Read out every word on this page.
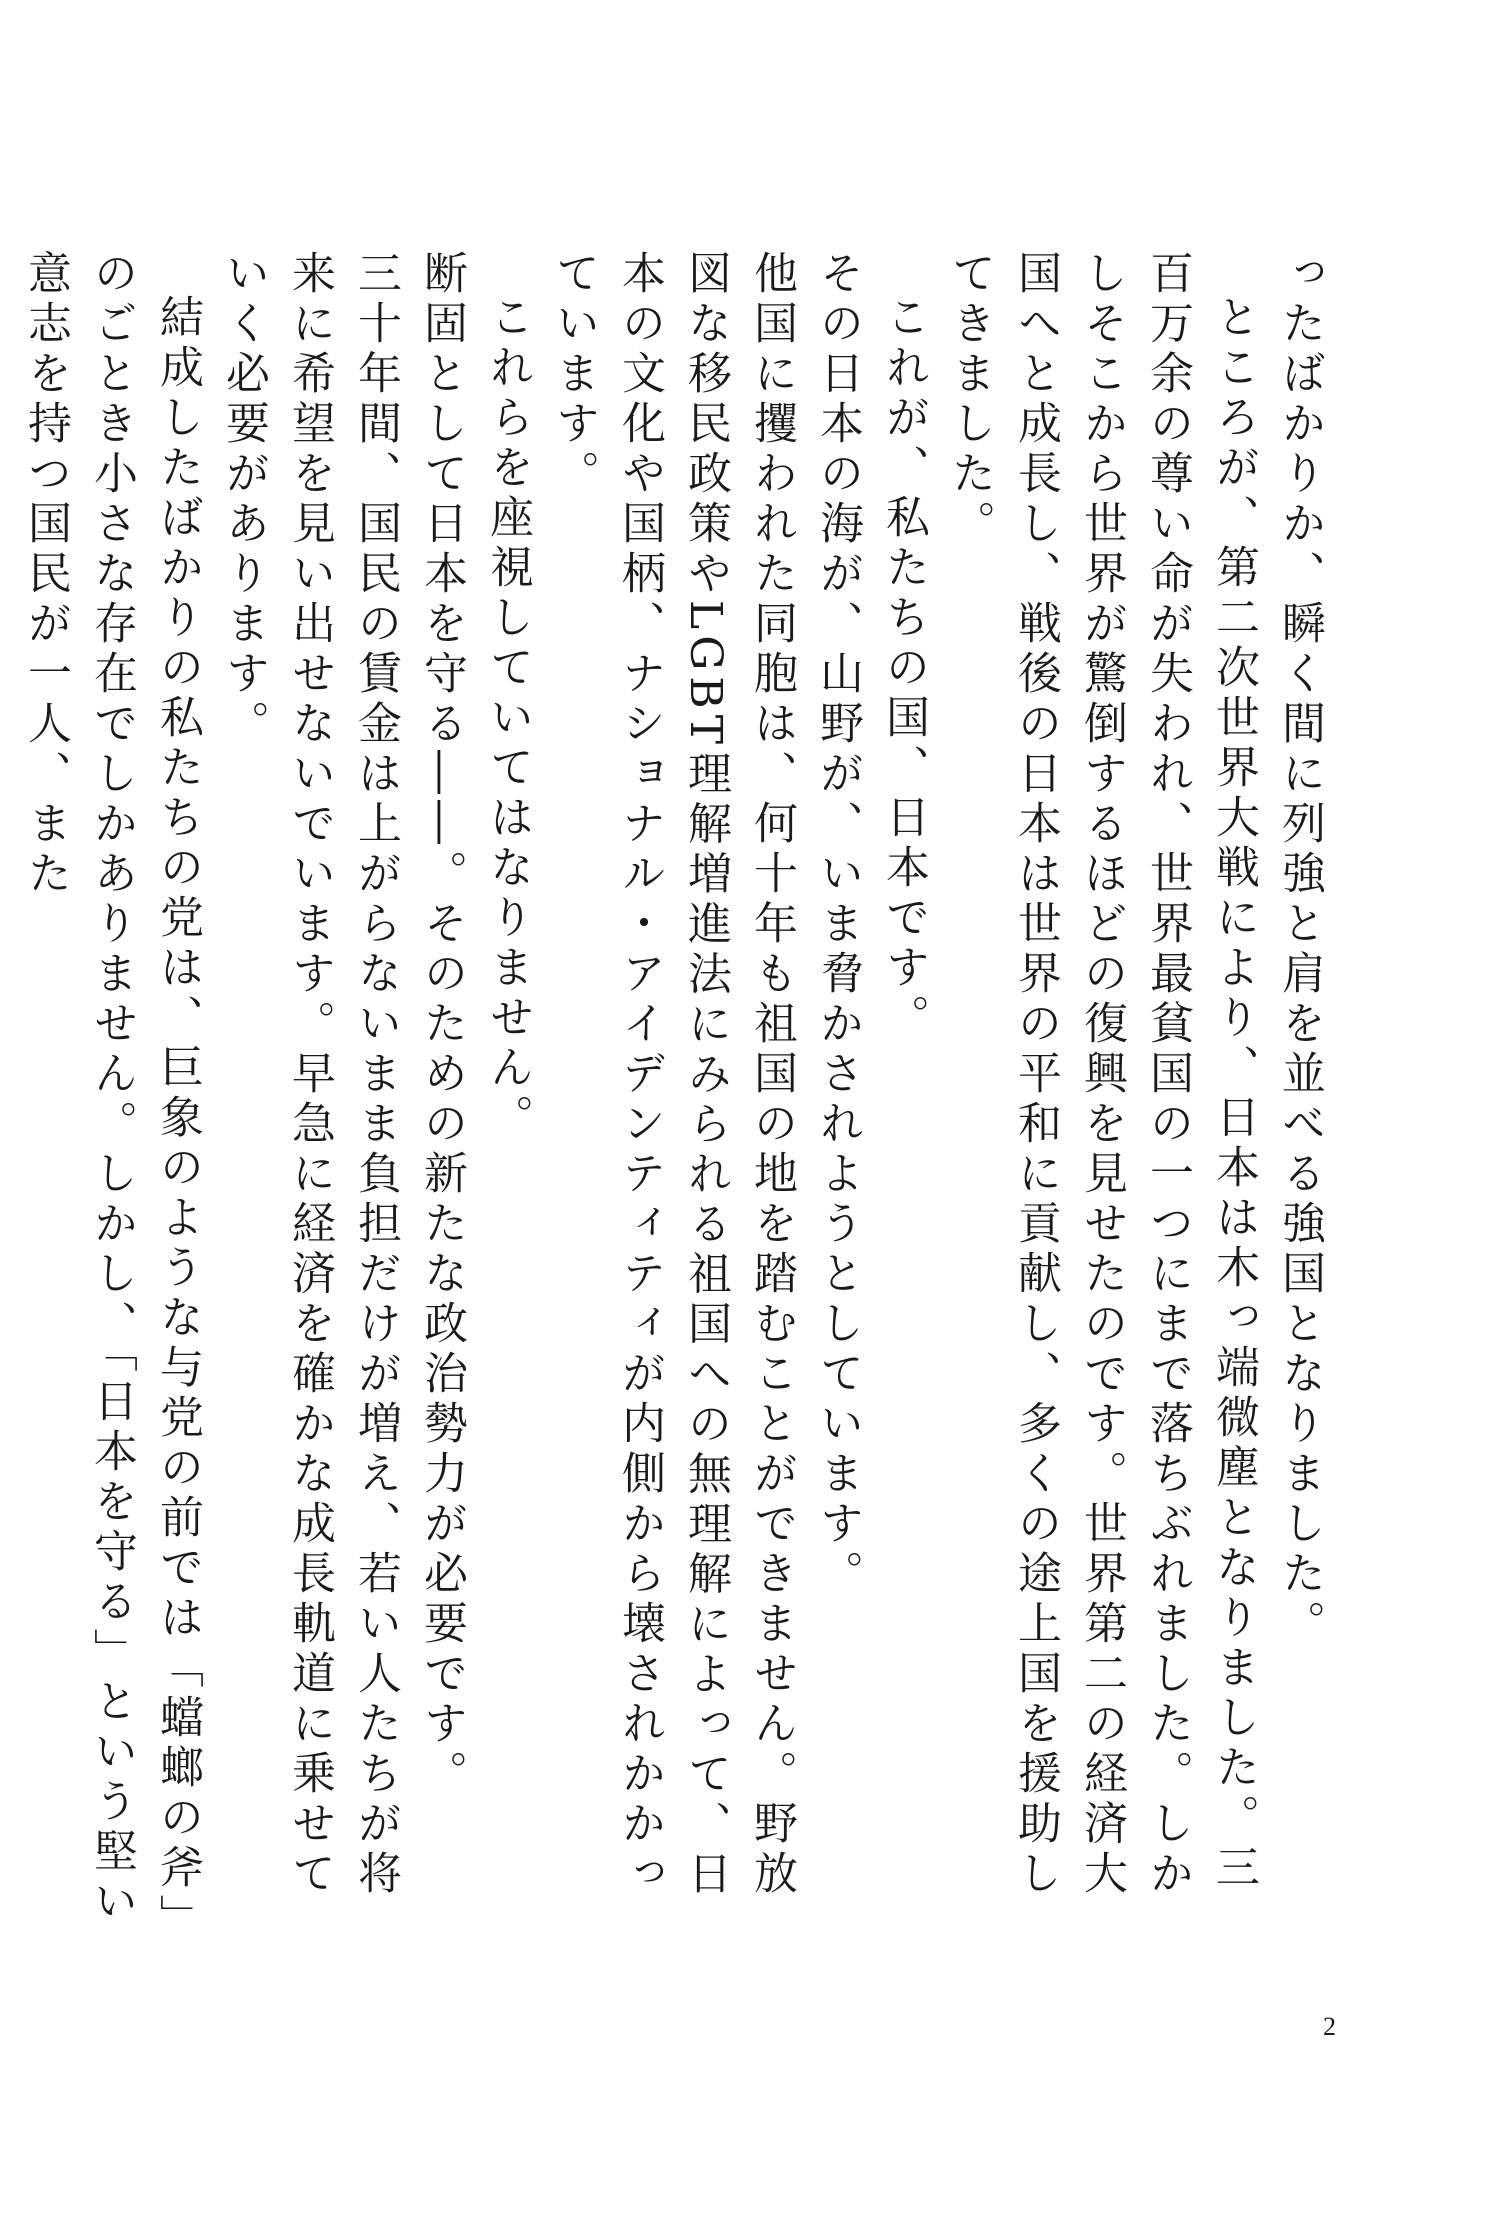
ったばかりか、瞬く間に列強と肩を並べる強国となりました。

ところが、第二次世界大戦により、日本は木っ端微塵となりました。三百万余の尊い命が失われ、世界最貧国の一つにまで落ちぶれました。しかしそこから世界が驚倒するほどの復興を見せたのです。世界第二の経済大国へと成長し、戦後の日本は世界の平和に貢献し、多くの途上国を援助してきました。

これが、私たちの国、日本です。

その日本の海が、山野が、いま脅かされようとしています。

他国に攫われた同胞は、何十年も祖国の地を踏むことができません。野放図な移民政策やLGBT理解増進法にみられる祖国への無理解によって、日本の文化や国柄、ナショナル・アイデンティティが内側から壊されかかっています。

これらを座視していてはなりません。

断固として日本を守る――。そのための新たな政治勢力が必要です。

三十年間、国民の賃金は上がらないまま負担だけが増え、若い人たちが将来に希望を見い出せないでいます。早急に経済を確かな成長軌道に乗せていく必要があります。

結成したばかりの私たちの党は、巨象のような与党の前では「蟷螂の斧」のごとき小さな存在でしかありません。しかし、「日本を守る」という堅い意志を持つ国民が一人、また

2
